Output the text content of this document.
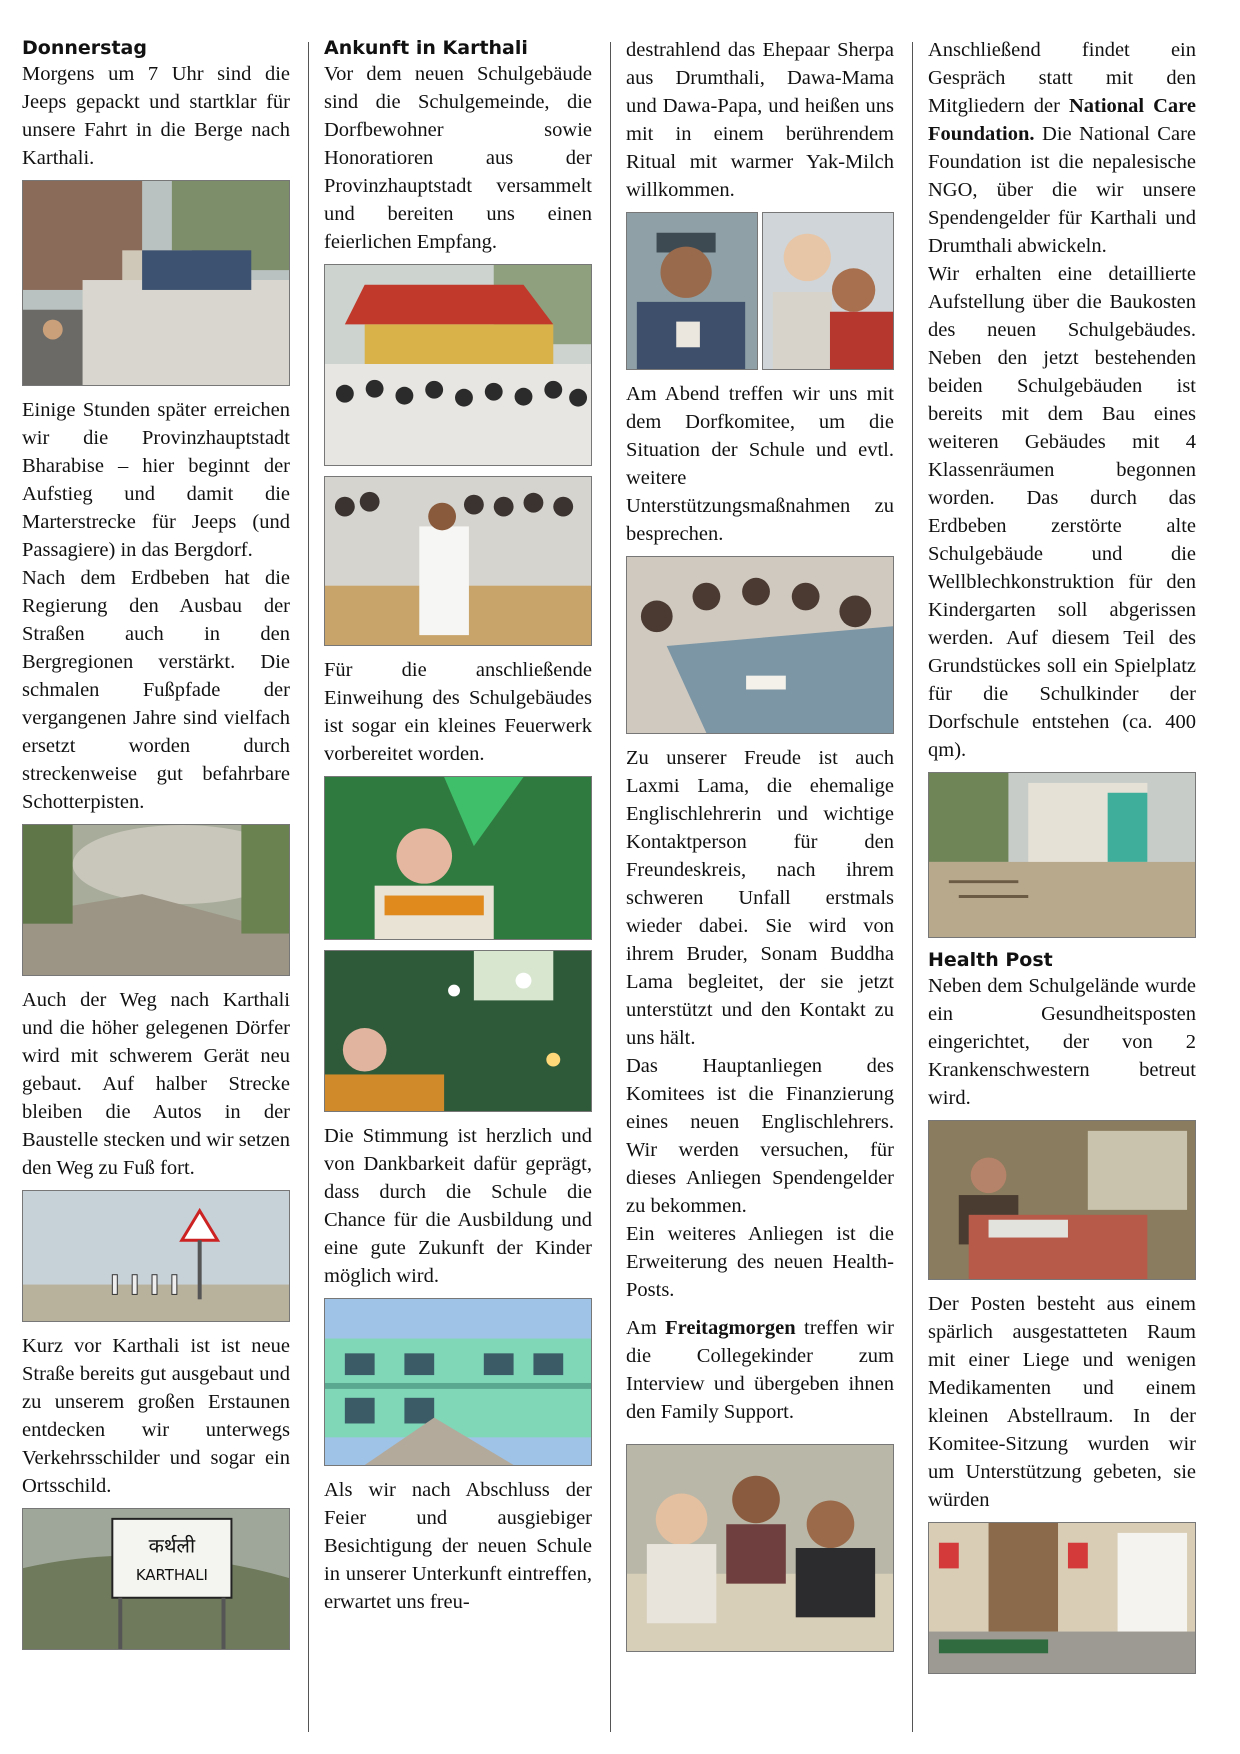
Donnerstag

Morgens um 7 Uhr sind die Jeeps gepackt und startklar für unsere Fahrt in die Berge nach Karthali.

Einige Stunden später erreichen wir die Provinzhauptstadt Bharabise – hier beginnt der Aufstieg und damit die Marterstrecke für Jeeps (und Passagiere) in das Bergdorf.

Nach dem Erdbeben hat die Regierung den Ausbau der Straßen auch in den Bergregionen verstärkt. Die schmalen Fußpfade der vergangenen Jahre sind vielfach ersetzt worden durch streckenweise gut befahrbare Schotterpisten.

Auch der Weg nach Karthali und die höher gelegenen Dörfer wird mit schwerem Gerät neu gebaut. Auf halber Strecke bleiben die Autos in der Baustelle stecken und wir setzen den Weg zu Fuß fort.

Kurz vor Karthali ist ist neue Straße bereits gut ausgebaut und zu unserem großen Erstaunen entdecken wir unterwegs Verkehrsschilder und sogar ein Ortsschild.

कर्थली
KARTHALI
Ankunft in Karthali

Vor dem neuen Schulgebäude sind die Schulgemeinde, die Dorfbewohner sowie Honoratioren aus der Provinzhauptstadt versammelt und bereiten uns einen feierlichen Empfang.

Für die anschließende Einweihung des Schulgebäudes ist sogar ein kleines Feuerwerk vorbereitet worden.

Die Stimmung ist herzlich und von Dankbarkeit dafür geprägt, dass durch die Schule die Chance für die Ausbildung und eine gute Zukunft der Kinder möglich wird.

Als wir nach Abschluss der Feier und ausgiebiger Besichtigung der neuen Schule in unserer Unterkunft eintreffen, erwartet uns freu-

destrahlend das Ehepaar Sherpa aus Drumthali, Dawa-Mama und Dawa-Papa, und heißen uns mit in einem berührendem Ritual mit warmer Yak-Milch willkommen.

Am Abend treffen wir uns mit dem Dorfkomitee, um die Situation der Schule und evtl. weitere Unterstützungsmaßnahmen zu besprechen.

Zu unserer Freude ist auch Laxmi Lama, die ehemalige Englischlehrerin und wichtige Kontaktperson für den Freundeskreis, nach ihrem schweren Unfall erstmals wieder dabei. Sie wird von ihrem Bruder, Sonam Buddha Lama begleitet, der sie jetzt unterstützt und den Kontakt zu uns hält.

Das Hauptanliegen des Komitees ist die Finanzierung eines neuen Englischlehrers. Wir werden versuchen, für dieses Anliegen Spendengelder zu bekommen.

Ein weiteres Anliegen ist die Erweiterung des neuen Health-Posts.

Am Freitagmorgen treffen wir die Collegekinder zum Interview und übergeben ihnen den Family Support.

Anschließend findet ein Gespräch statt mit den Mitgliedern der National Care Foundation. Die National Care Foundation ist die nepalesische NGO, über die wir unsere Spendengelder für Karthali und Drumthali abwickeln.

Wir erhalten eine detaillierte Aufstellung über die Baukosten des neuen Schulgebäudes. Neben den jetzt bestehenden beiden Schulgebäuden ist bereits mit dem Bau eines weiteren Gebäudes mit 4 Klassenräumen begonnen worden. Das durch das Erdbeben zerstörte alte Schulgebäude und die Wellblechkonstruktion für den Kindergarten soll abgerissen werden. Auf diesem Teil des Grundstückes soll ein Spielplatz für die Schulkinder der Dorfschule entstehen (ca. 400 qm).

Health Post

Neben dem Schulgelände wurde ein Gesundheitsposten eingerichtet, der von 2 Krankenschwestern betreut wird.

Der Posten besteht aus einem spärlich ausgestatteten Raum mit einer Liege und wenigen Medikamenten und einem kleinen Abstellraum. In der Komitee-Sitzung wurden wir um Unterstützung gebeten, sie würden
